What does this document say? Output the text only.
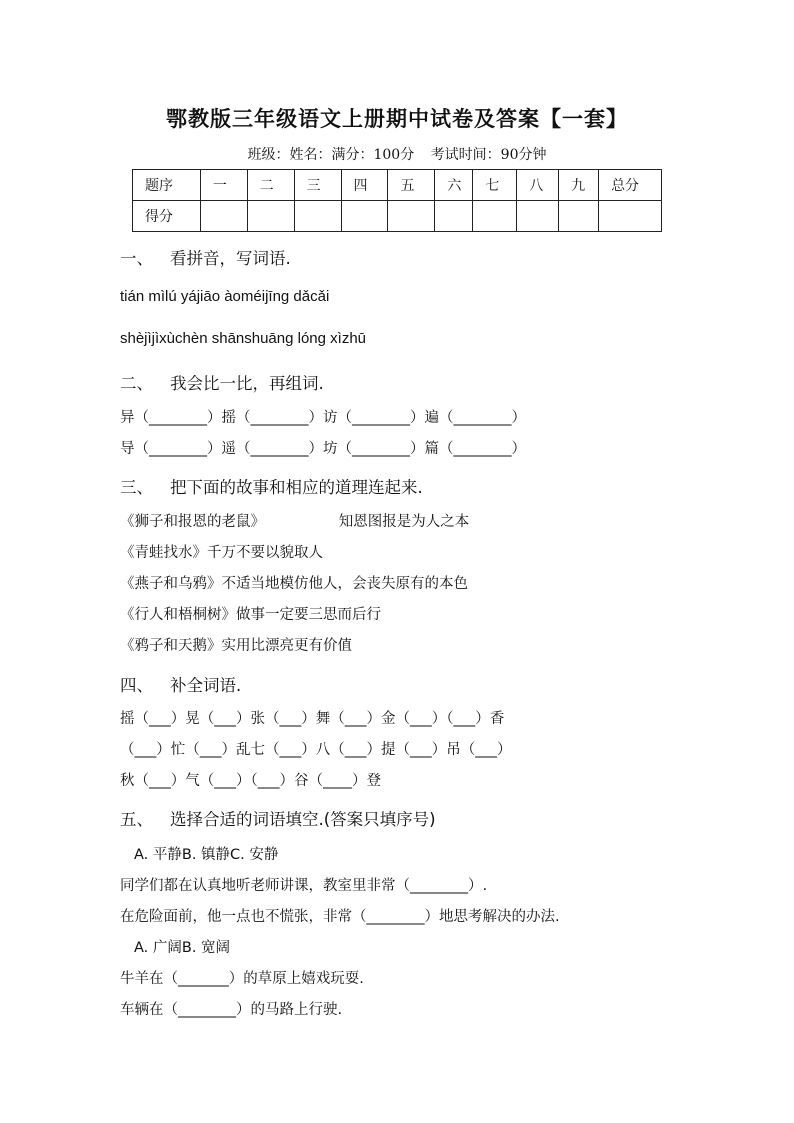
鄂教版三年级语文上册期中试卷及答案【一套】
班级：姓名：满分：100分 考试时间：90分钟
题序	一	二	三	四	五	六	七	八	九	总分
得分										
一、 看拼音，写词语.
tián mìlú yájiāo àoméijīng dǎcǎi
shèjìjìxùchèn shānshuāng lóng xìzhū
二、 我会比一比，再组词.
异（________）摇（________）访（________）遍（________）
导（________）遥（________）坊（________）篇（________）
三、 把下面的故事和相应的道理连起来.
《狮子和报恩的老鼠》                知恩图报是为人之本
《青蛙找水》千万不要以貌取人
《燕子和乌鸦》不适当地模仿他人，会丧失原有的本色
《行人和梧桐树》做事一定要三思而后行
《鸦子和天鹅》实用比漂亮更有价值
四、 补全词语.
摇（___）晃（___）张（___）舞（___）金（___）（___）香
（___）忙（___）乱七（___）八（___）提（___）吊（___）
秋（___）气（___）（___）谷（____）登
五、 选择合适的词语填空.(答案只填序号)
A. 平静B. 镇静C. 安静
同学们都在认真地听老师讲课，教室里非常（________）.
在危险面前，他一点也不慌张，非常（________）地思考解决的办法.
A. 广阔B. 宽阔
牛羊在（_______）的草原上嬉戏玩耍.
车辆在（________）的马路上行驶.
